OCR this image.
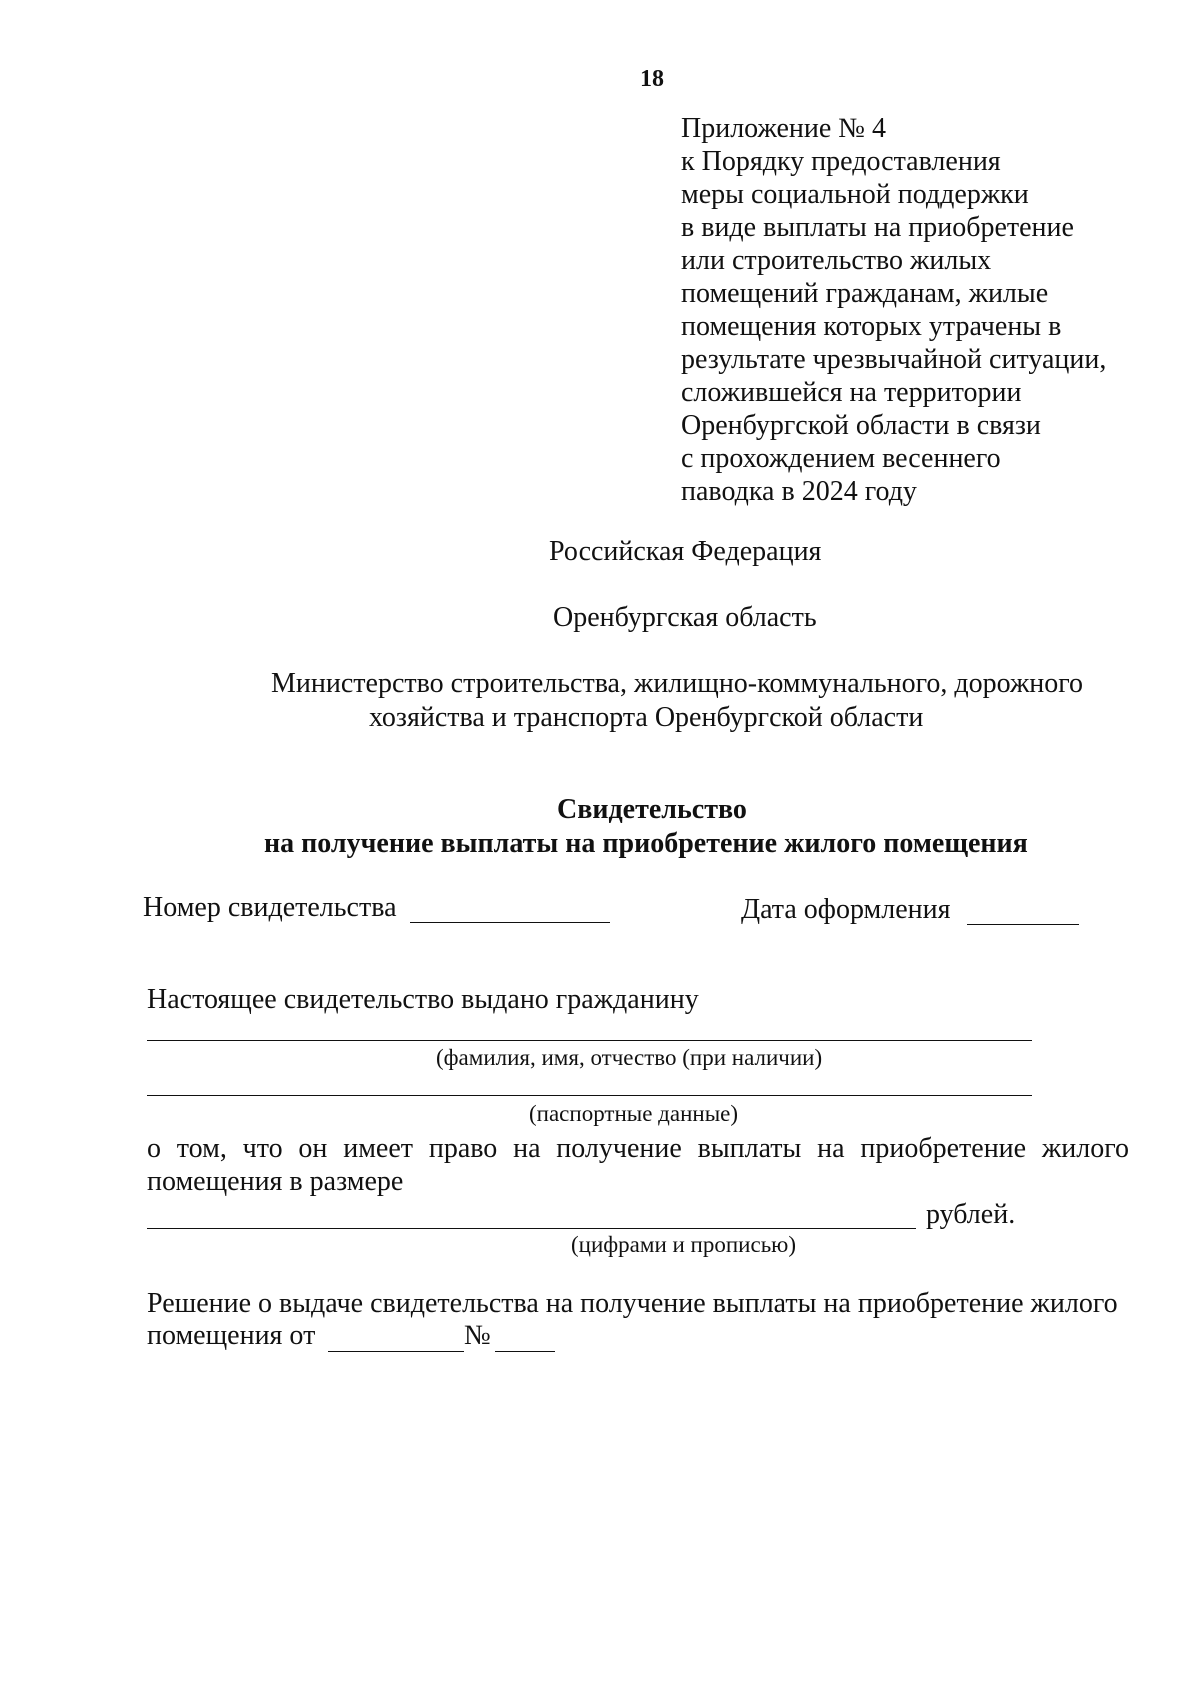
18
Приложение № 4
к Порядку предоставления
меры социальной поддержки
в виде выплаты на приобретение
или строительство жилых
помещений гражданам, жилые
помещения которых утрачены в
результате чрезвычайной ситуации,
сложившейся на территории
Оренбургской области в связи
с прохождением весеннего
паводка в 2024 году
Российская Федерация
Оренбургская область
Министерство строительства, жилищно-коммунального, дорожного
хозяйства и транспорта Оренбургской области
Свидетельство
на получение выплаты на приобретение жилого помещения
Номер свидетельства	Дата оформления
Настоящее свидетельство выдано гражданину
(фамилия, имя, отчество (при наличии)
(паспортные данные)
о том, что он имеет право на получение выплаты на приобретение жилого
помещения в размере
рублей.
(цифрами и прописью)
Решение о выдаче свидетельства на получение выплаты на приобретение жилого
помещения от	№
